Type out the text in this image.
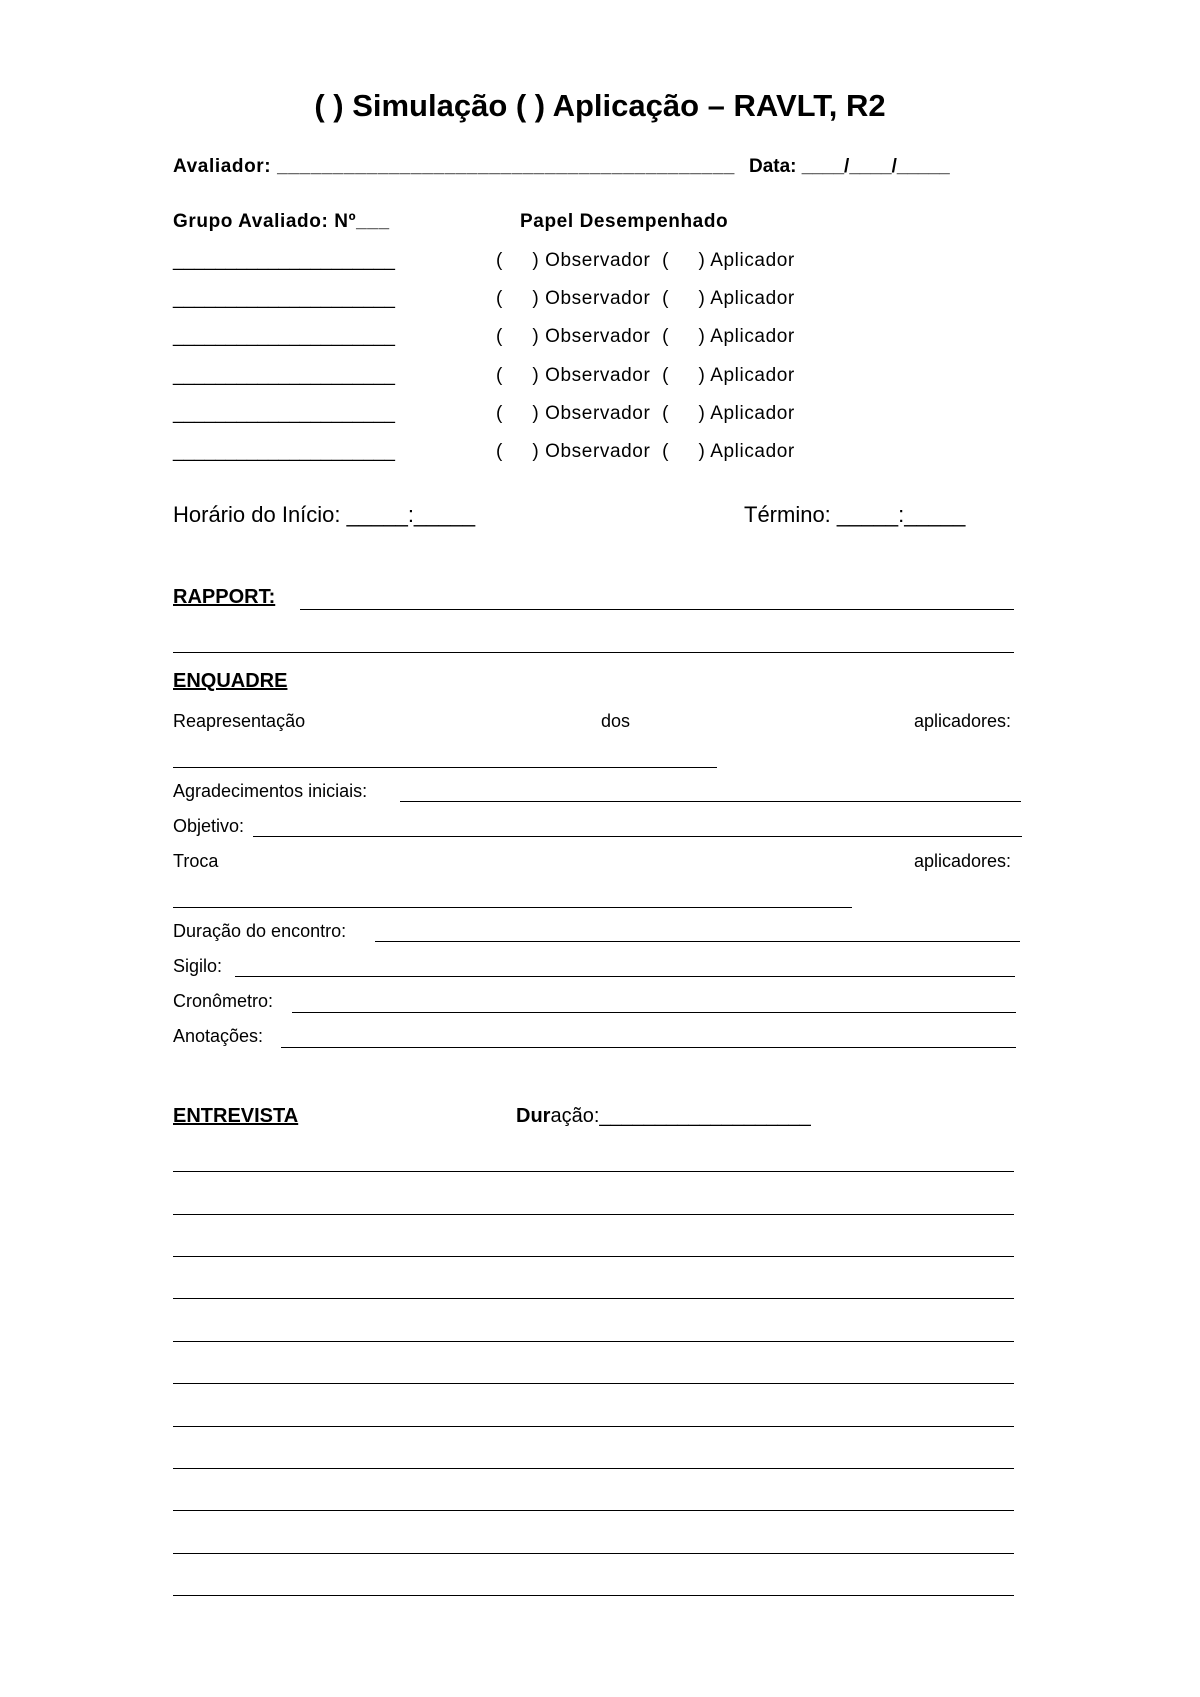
( ) Simulação ( ) Aplicação – RAVLT, R2
Avaliador: _________________________________________ Data: ____/____/_____
Grupo Avaliado: Nº___	Papel Desempenhado
_____________________	(     ) Observador  (     ) Aplicador
_____________________	(     ) Observador  (     ) Aplicador
_____________________	(     ) Observador  (     ) Aplicador
_____________________	(     ) Observador  (     ) Aplicador
_____________________	(     ) Observador  (     ) Aplicador
_____________________	(     ) Observador  (     ) Aplicador
Horário do Início: _____:_____	Término: _____:_____
RAPPORT:
ENQUADRE
Reapresentação	dos	aplicadores:
Agradecimentos iniciais:
Objetivo:
Troca	aplicadores:
Duração do encontro:
Sigilo:
Cronômetro:
Anotações:
ENTREVISTA	Duração:___________________
